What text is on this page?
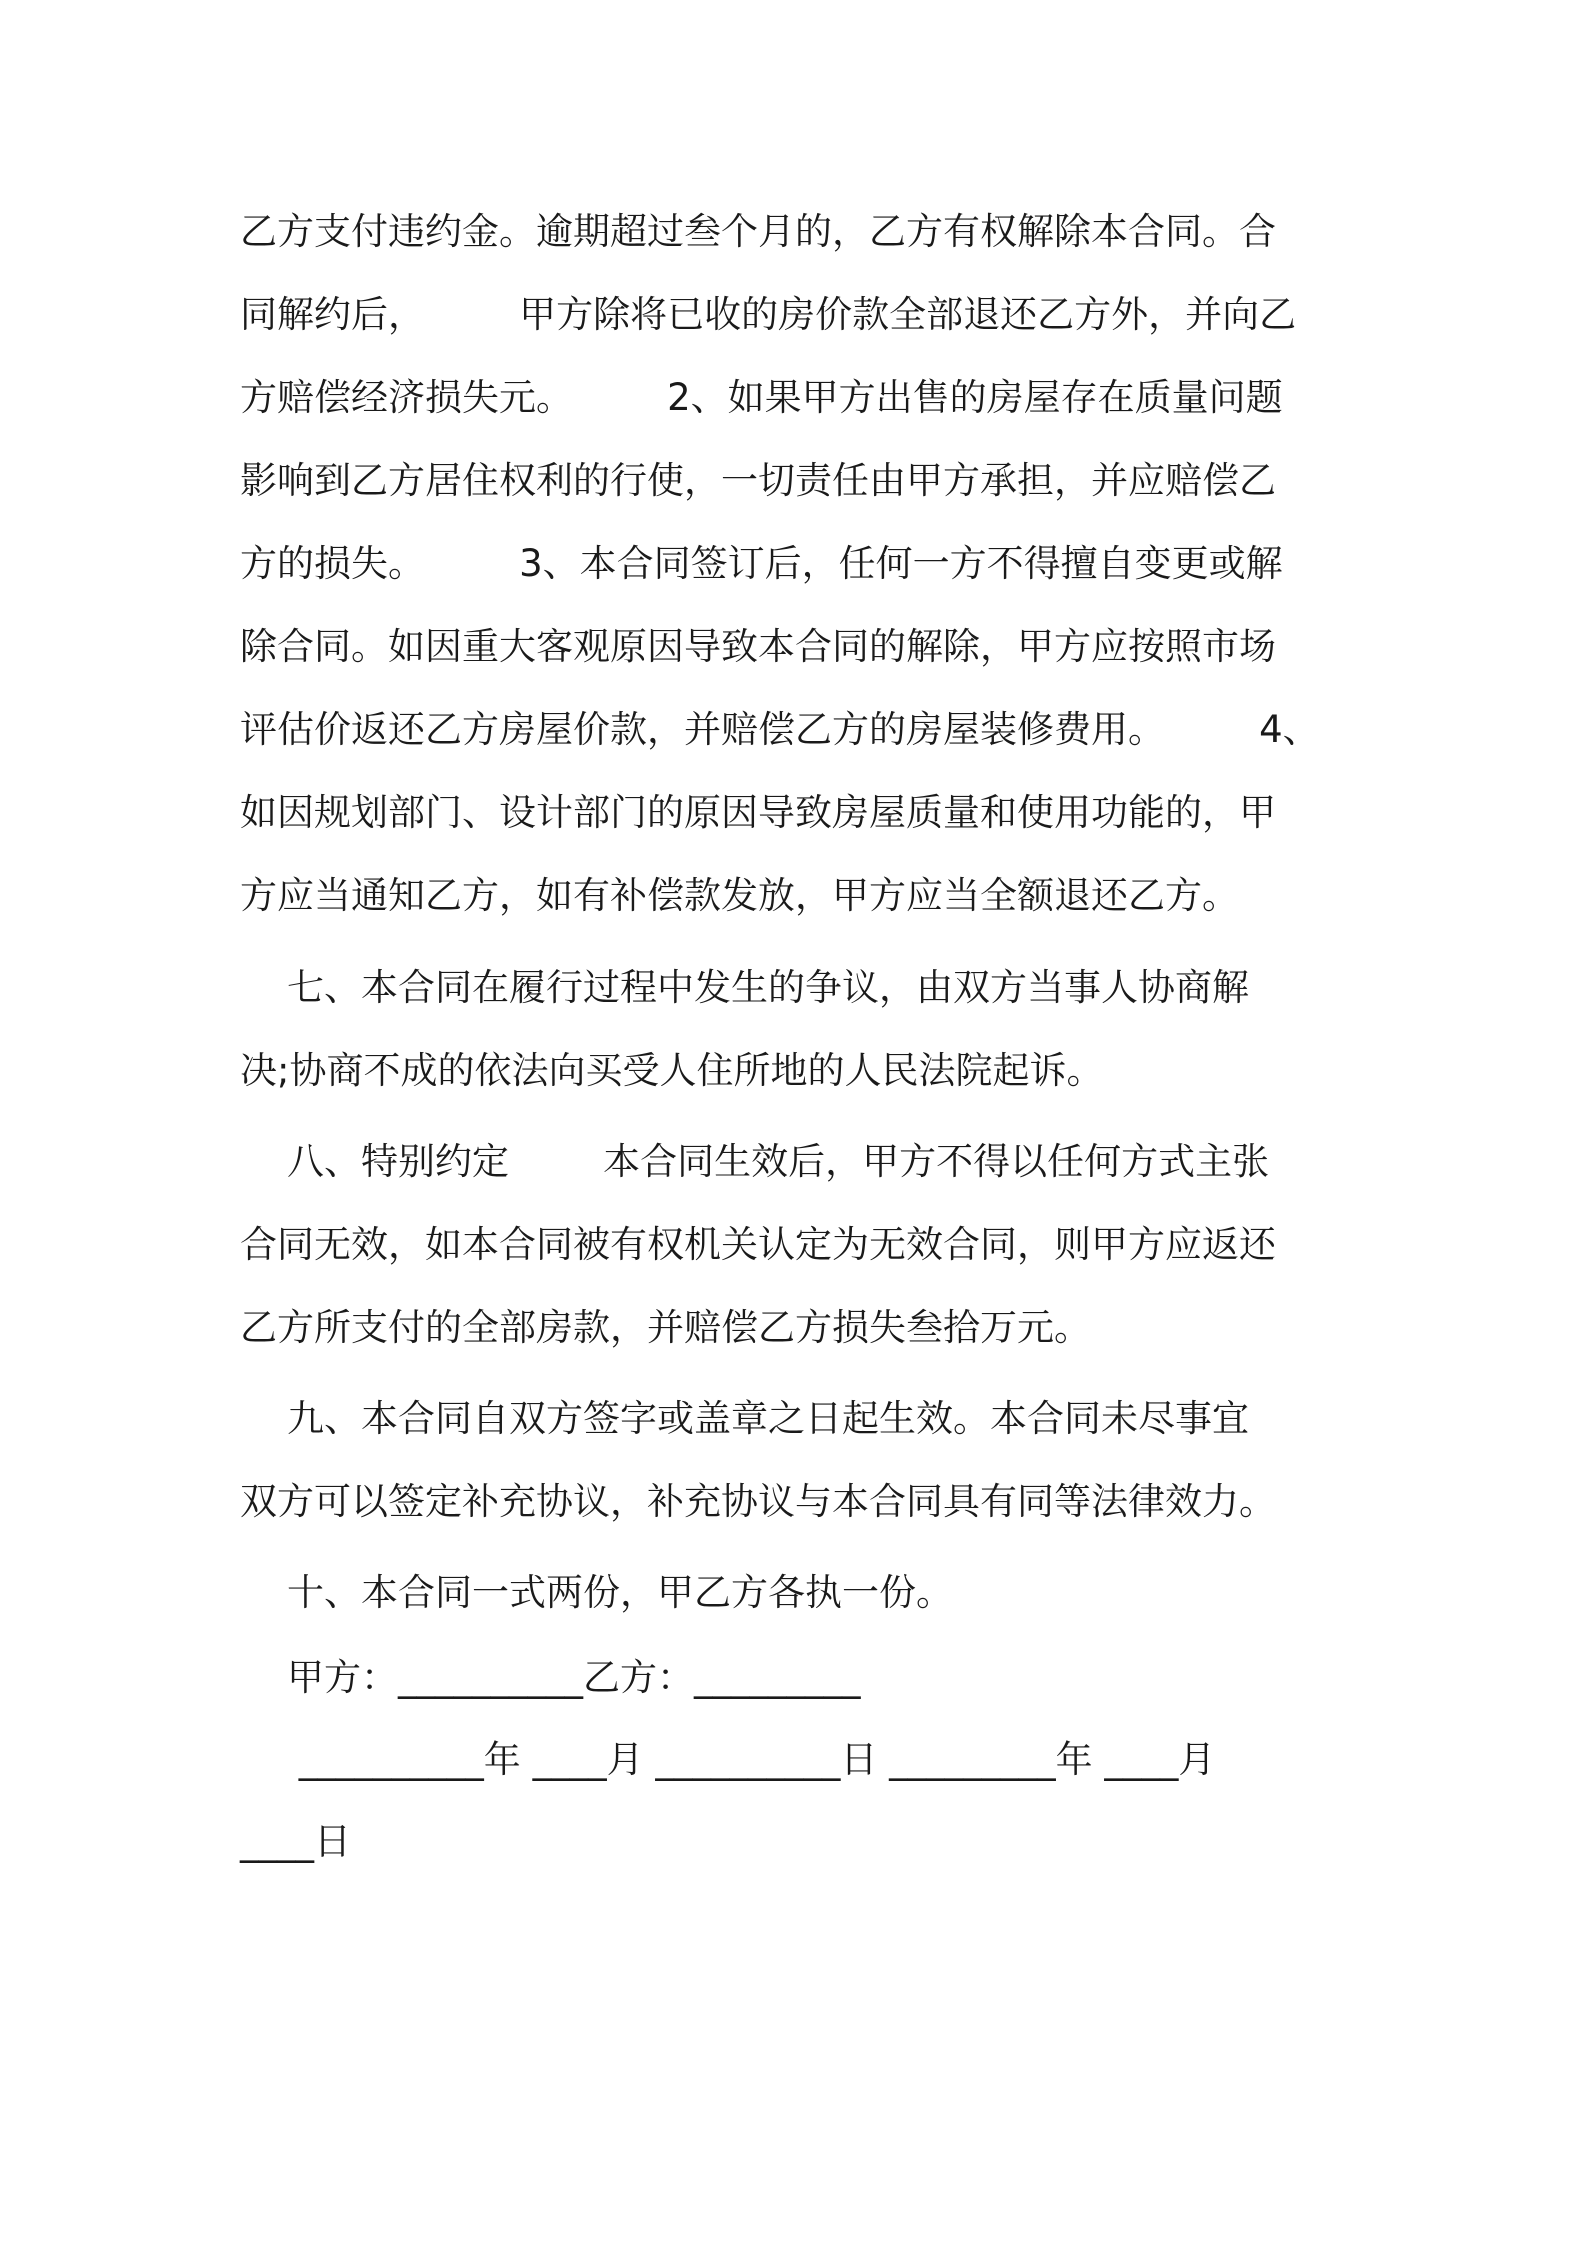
乙方支付违约金。逾期超过叁个月的，乙方有权解除本合同。合
同解约后，        甲方除将已收的房价款全部退还乙方外，并向乙
方赔偿经济损失元。        2、如果甲方出售的房屋存在质量问题
影响到乙方居住权利的行使，一切责任由甲方承担，并应赔偿乙
方的损失。        3、本合同签订后，任何一方不得擅自变更或解
除合同。如因重大客观原因导致本合同的解除，甲方应按照市场
评估价返还乙方房屋价款，并赔偿乙方的房屋装修费用。        4、
如因规划部门、设计部门的原因导致房屋质量和使用功能的，甲
方应当通知乙方，如有补偿款发放，甲方应当全额退还乙方。
七、本合同在履行过程中发生的争议，由双方当事人协商解
决;协商不成的依法向买受人住所地的人民法院起诉。
八、特别约定        本合同生效后，甲方不得以任何方式主张
合同无效，如本合同被有权机关认定为无效合同，则甲方应返还
乙方所支付的全部房款，并赔偿乙方损失叁拾万元。
九、本合同自双方签字或盖章之日起生效。本合同未尽事宜
双方可以签定补充协议，补充协议与本合同具有同等法律效力。
十、本合同一式两份，甲乙方各执一份。
甲方：__________乙方：_________
__________年 ____月 __________日 _________年 ____月
____日
